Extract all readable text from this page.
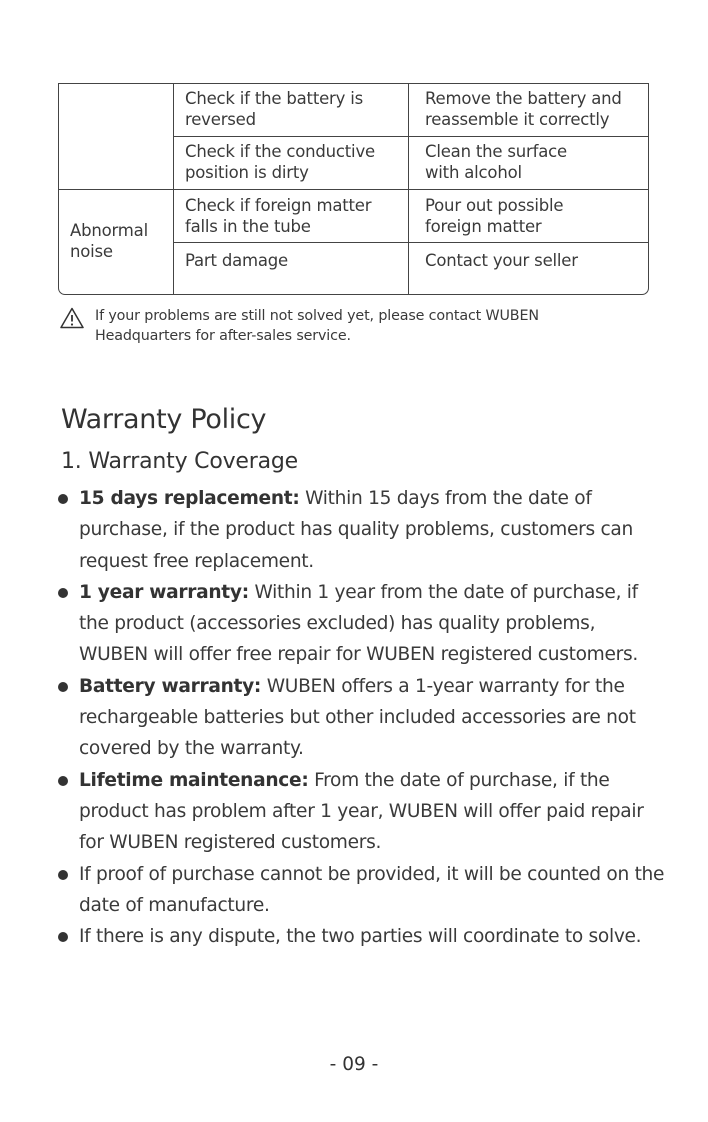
Check if the battery is
reversed
Remove the battery and
reassemble it correctly
Check if the conductive
position is dirty
Clean the surface
with alcohol
Abnormal
noise
Check if foreign matter
falls in the tube
Pour out possible
foreign matter
Part damage	Contact your seller
If your problems are still not solved yet, please contact WUBEN
Headquarters for after-sales service.
Warranty Policy
1. Warranty Coverage
15 days replacement: Within 15 days from the date of purchase, if the product has quality problems, customers can request free replacement.
1 year warranty: Within 1 year from the date of purchase, if the product (accessories excluded) has quality problems, WUBEN will offer free repair for WUBEN registered customers.
Battery warranty: WUBEN offers a 1-year warranty for the rechargeable batteries but other included accessories are not covered by the warranty.
Lifetime maintenance: From the date of purchase, if the product has problem after 1 year, WUBEN will offer paid repair for WUBEN registered customers.
If proof of purchase cannot be provided, it will be counted on the date of manufacture.
If there is any dispute, the two parties will coordinate to solve.
- 09 -
